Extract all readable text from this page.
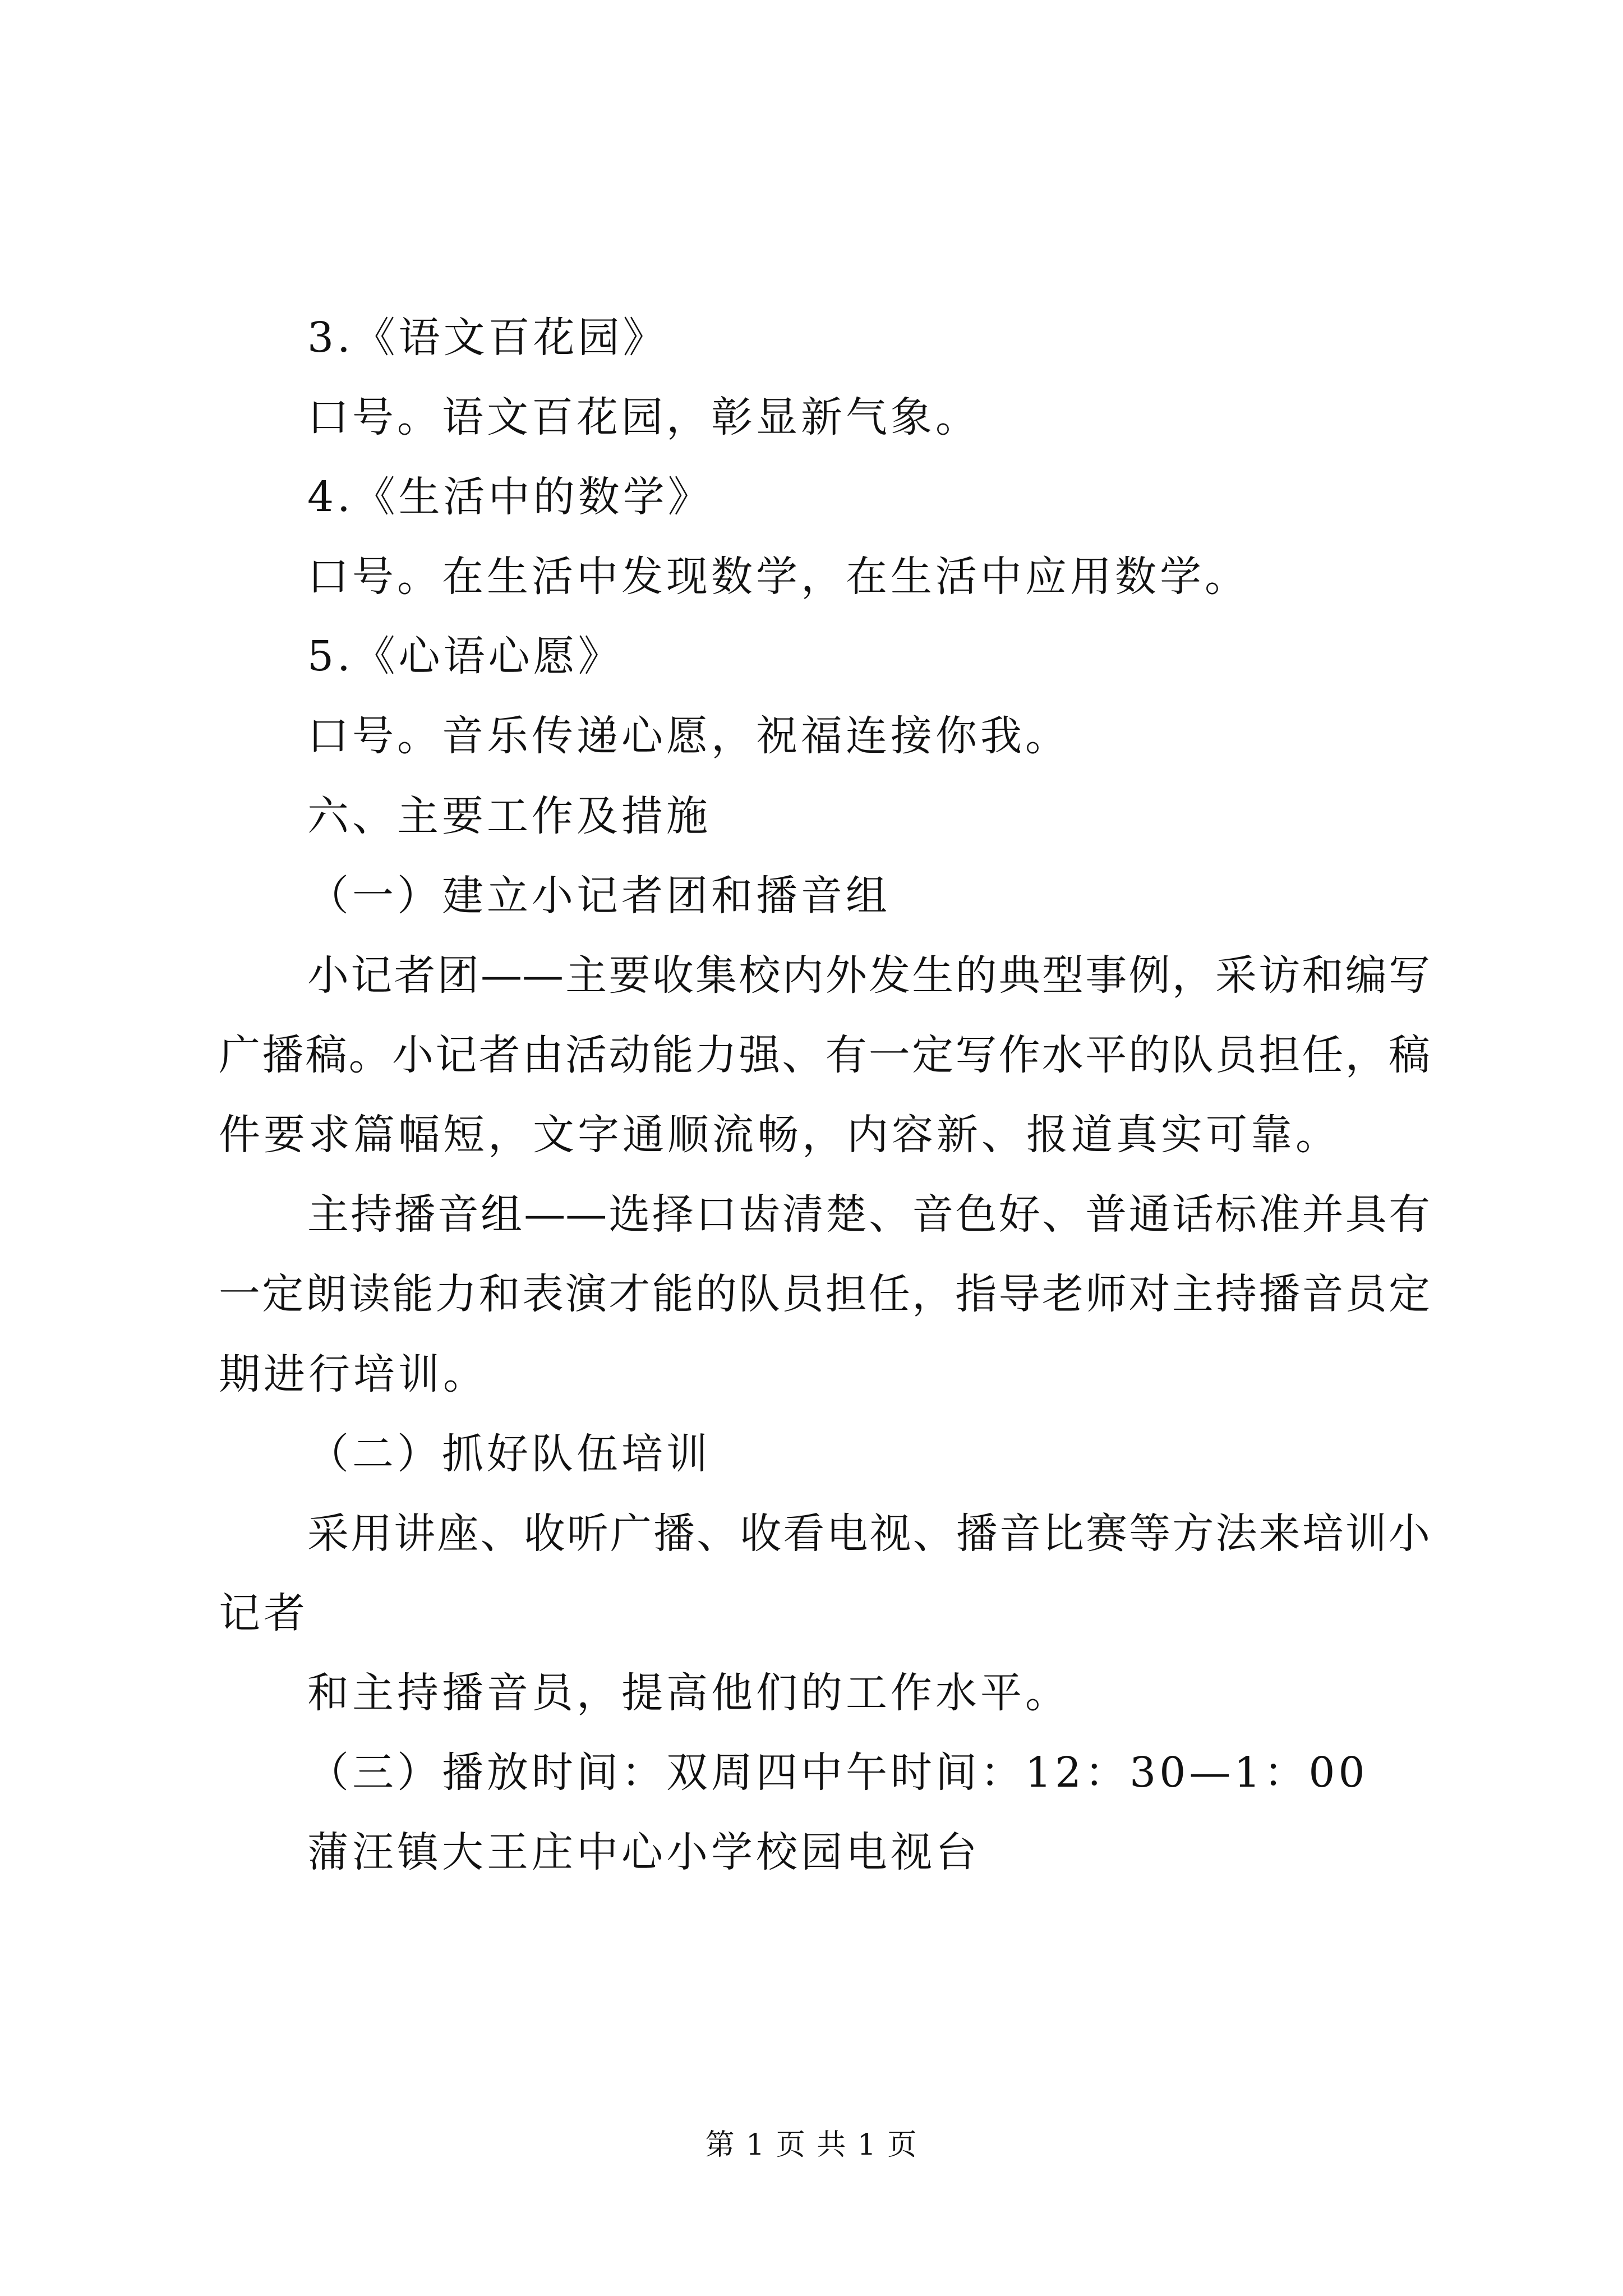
3.《语文百花园》
口号。语文百花园，彰显新气象。
4.《生活中的数学》
口号。在生活中发现数学，在生活中应用数学。
5.《心语心愿》
口号。音乐传递心愿，祝福连接你我。
六、主要工作及措施
（一）建立小记者团和播音组
小记者团——主要收集校内外发生的典型事例，采访和编写
广播稿。小记者由活动能力强、有一定写作水平的队员担任，稿
件要求篇幅短，文字通顺流畅，内容新、报道真实可靠。
主持播音组——选择口齿清楚、音色好、普通话标准并具有
一定朗读能力和表演才能的队员担任，指导老师对主持播音员定
期进行培训。
（二）抓好队伍培训
采用讲座、收听广播、收看电视、播音比赛等方法来培训小
记者
和主持播音员，提高他们的工作水平。
（三）播放时间：双周四中午时间：12：30—1：00
蒲汪镇大王庄中心小学校园电视台
第 1 页 共 1 页
